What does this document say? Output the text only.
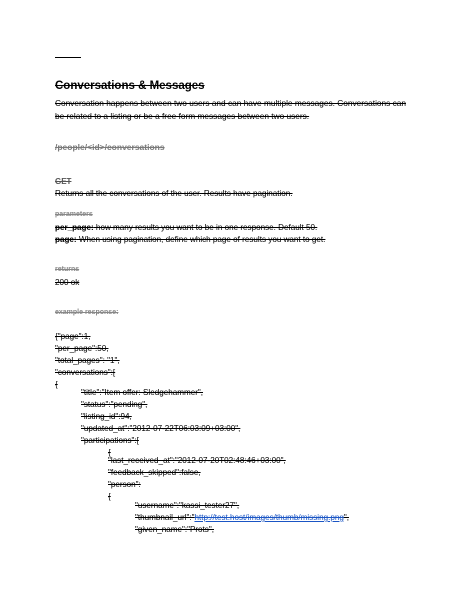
Conversations & Messages

Conversation happens between two users and can have multiple messages. Conversations can be related to a listing or be a free form messages between two users.

/people/<id>/conversations
GET
Returns all the conversations of the user. Results have pagination.
parameters
per_page: how many results you want to be in one response. Default 50.
page: When using pagination, define which page of results you want to get.
returns
200 ok
example response:
{"page":1,
"per_page":50,
"total_pages": "1",
"conversations":[
{
"title":"Item offer: Sledgehammer",
"status":"pending",
"listing_id":94,
"updated_at":"2012-07-22T06:03:09+03:00",
"participations":[
{
"last_received_at":"2012-07-20T02:48:46+03:00",
"feedback_skipped":false,
"person":
{
"username":"kassi_tester27",
"thumbnail_url":"http://test.host/images/thumb/missing.png",
"given_name":"Prots",
